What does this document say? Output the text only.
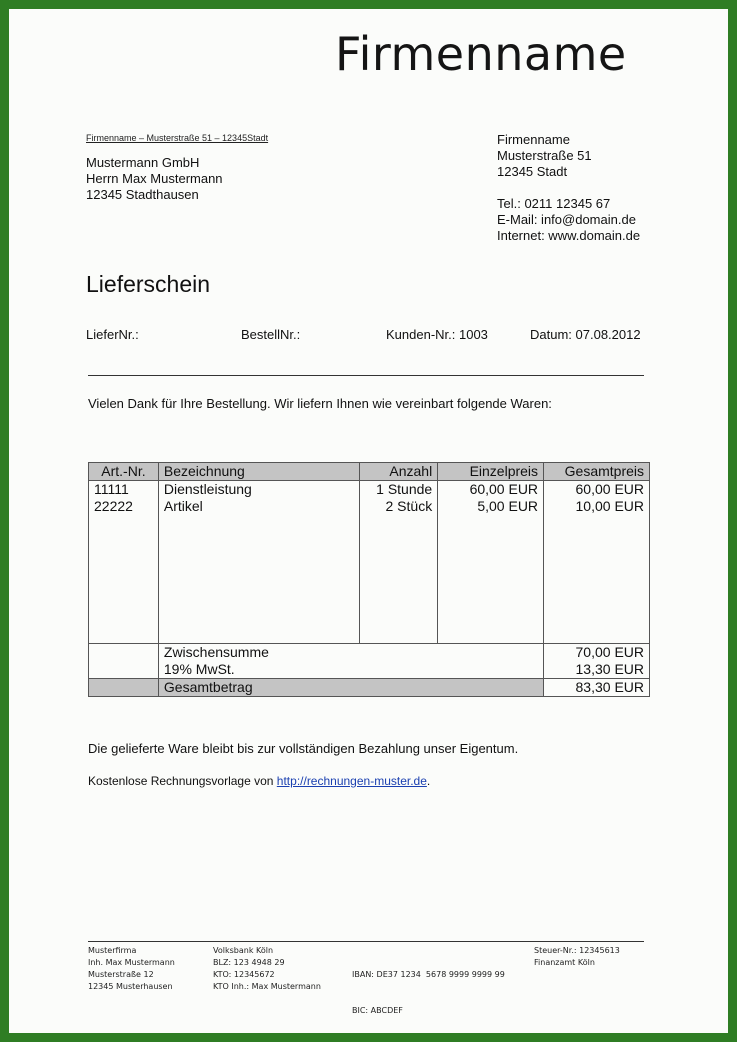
Firmenname
Firmenname – Musterstraße 51 – 12345Stadt
Mustermann GmbH
Herrn Max Mustermann
12345 Stadthausen
Firmenname
Musterstraße 51
12345 Stadt
Tel.: 0211 12345 67
E-Mail: info@domain.de
Internet: www.domain.de
Lieferschein
LieferNr.:	BestellNr.:	Kunden-Nr.: 1003	Datum: 07.08.2012
Vielen Dank für Ihre Bestellung. Wir liefern Ihnen wie vereinbart folgende Waren:
Art.-Nr.	Bezeichnung	Anzahl	Einzelpreis	Gesamtpreis
11111	Dienstleistung	1 Stunde	60,00 EUR	60,00 EUR
22222	Artikel	2 Stück	5,00 EUR	10,00 EUR

	Zwischensumme			70,00 EUR
	19% MwSt.			13,30 EUR
	Gesamtbetrag			83,30 EUR
Die gelieferte Ware bleibt bis zur vollständigen Bezahlung unser Eigentum.
Kostenlose Rechnungsvorlage von http://rechnungen-muster.de.
Musterfirma
Inh. Max Mustermann
Musterstraße 12
12345 Musterhausen
Volksbank Köln
BLZ: 123 4948 29
KTO: 12345672
KTO Inh.: Max Mustermann

IBAN: DE37 1234  5678 9999 9999 99

BIC: ABCDEF

Steuer-Nr.: 12345613
Finanzamt Köln
